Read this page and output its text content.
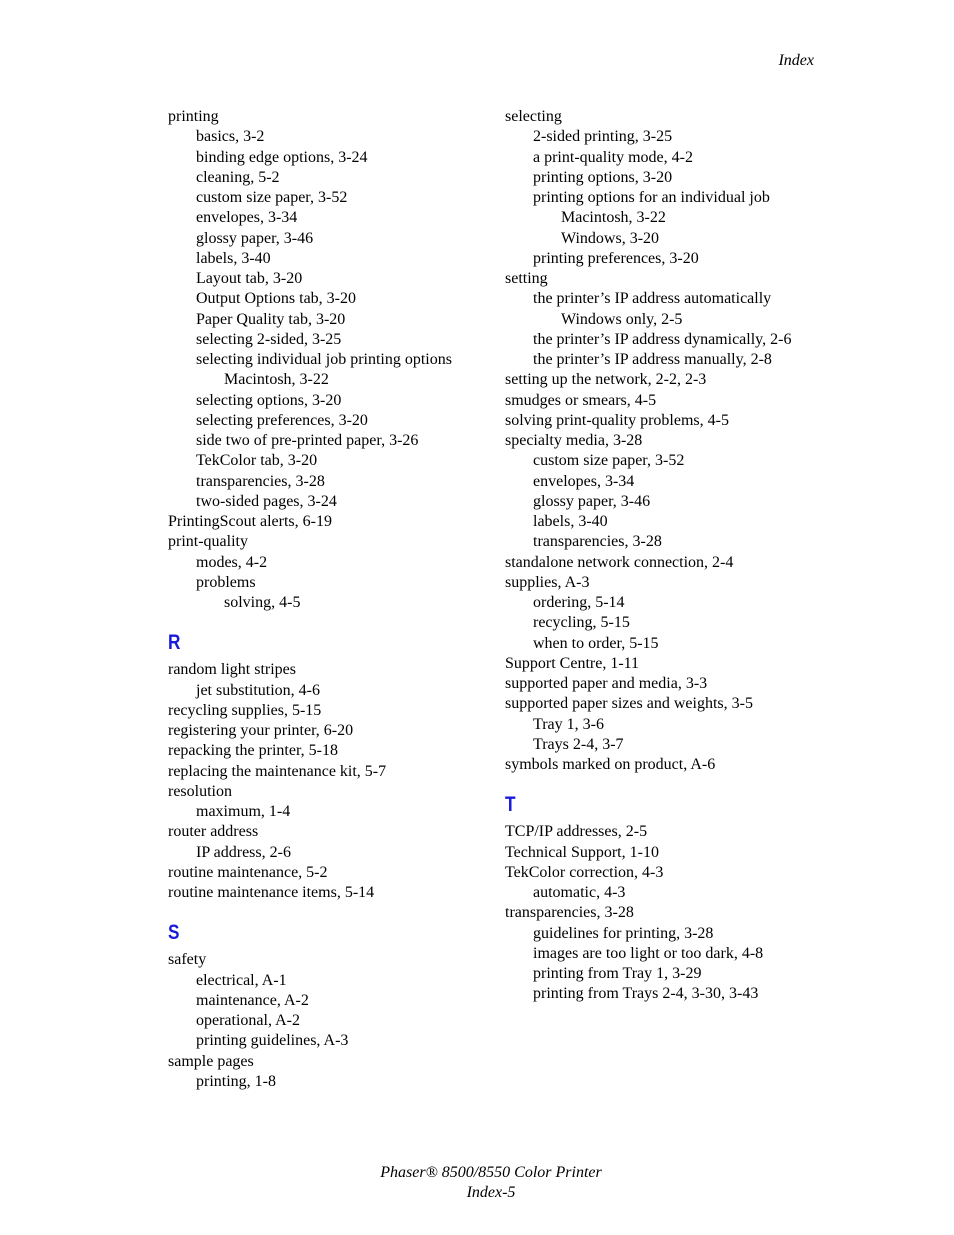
Index
printing
basics, 3-2
binding edge options, 3-24
cleaning, 5-2
custom size paper, 3-52
envelopes, 3-34
glossy paper, 3-46
labels, 3-40
Layout tab, 3-20
Output Options tab, 3-20
Paper Quality tab, 3-20
selecting 2-sided, 3-25
selecting individual job printing options
Macintosh, 3-22
selecting options, 3-20
selecting preferences, 3-20
side two of pre-printed paper, 3-26
TekColor tab, 3-20
transparencies, 3-28
two-sided pages, 3-24
PrintingScout alerts, 6-19
print-quality
modes, 4-2
problems
solving, 4-5
R
random light stripes
jet substitution, 4-6
recycling supplies, 5-15
registering your printer, 6-20
repacking the printer, 5-18
replacing the maintenance kit, 5-7
resolution
maximum, 1-4
router address
IP address, 2-6
routine maintenance, 5-2
routine maintenance items, 5-14
S
safety
electrical, A-1
maintenance, A-2
operational, A-2
printing guidelines, A-3
sample pages
printing, 1-8
selecting
2-sided printing, 3-25
a print-quality mode, 4-2
printing options, 3-20
printing options for an individual job
Macintosh, 3-22
Windows, 3-20
printing preferences, 3-20
setting
the printer’s IP address automatically
Windows only, 2-5
the printer’s IP address dynamically, 2-6
the printer’s IP address manually, 2-8
setting up the network, 2-2, 2-3
smudges or smears, 4-5
solving print-quality problems, 4-5
specialty media, 3-28
custom size paper, 3-52
envelopes, 3-34
glossy paper, 3-46
labels, 3-40
transparencies, 3-28
standalone network connection, 2-4
supplies, A-3
ordering, 5-14
recycling, 5-15
when to order, 5-15
Support Centre, 1-11
supported paper and media, 3-3
supported paper sizes and weights, 3-5
Tray 1, 3-6
Trays 2-4, 3-7
symbols marked on product, A-6
T
TCP/IP addresses, 2-5
Technical Support, 1-10
TekColor correction, 4-3
automatic, 4-3
transparencies, 3-28
guidelines for printing, 3-28
images are too light or too dark, 4-8
printing from Tray 1, 3-29
printing from Trays 2-4, 3-30, 3-43
Phaser® 8500/8550 Color Printer
Index-5
